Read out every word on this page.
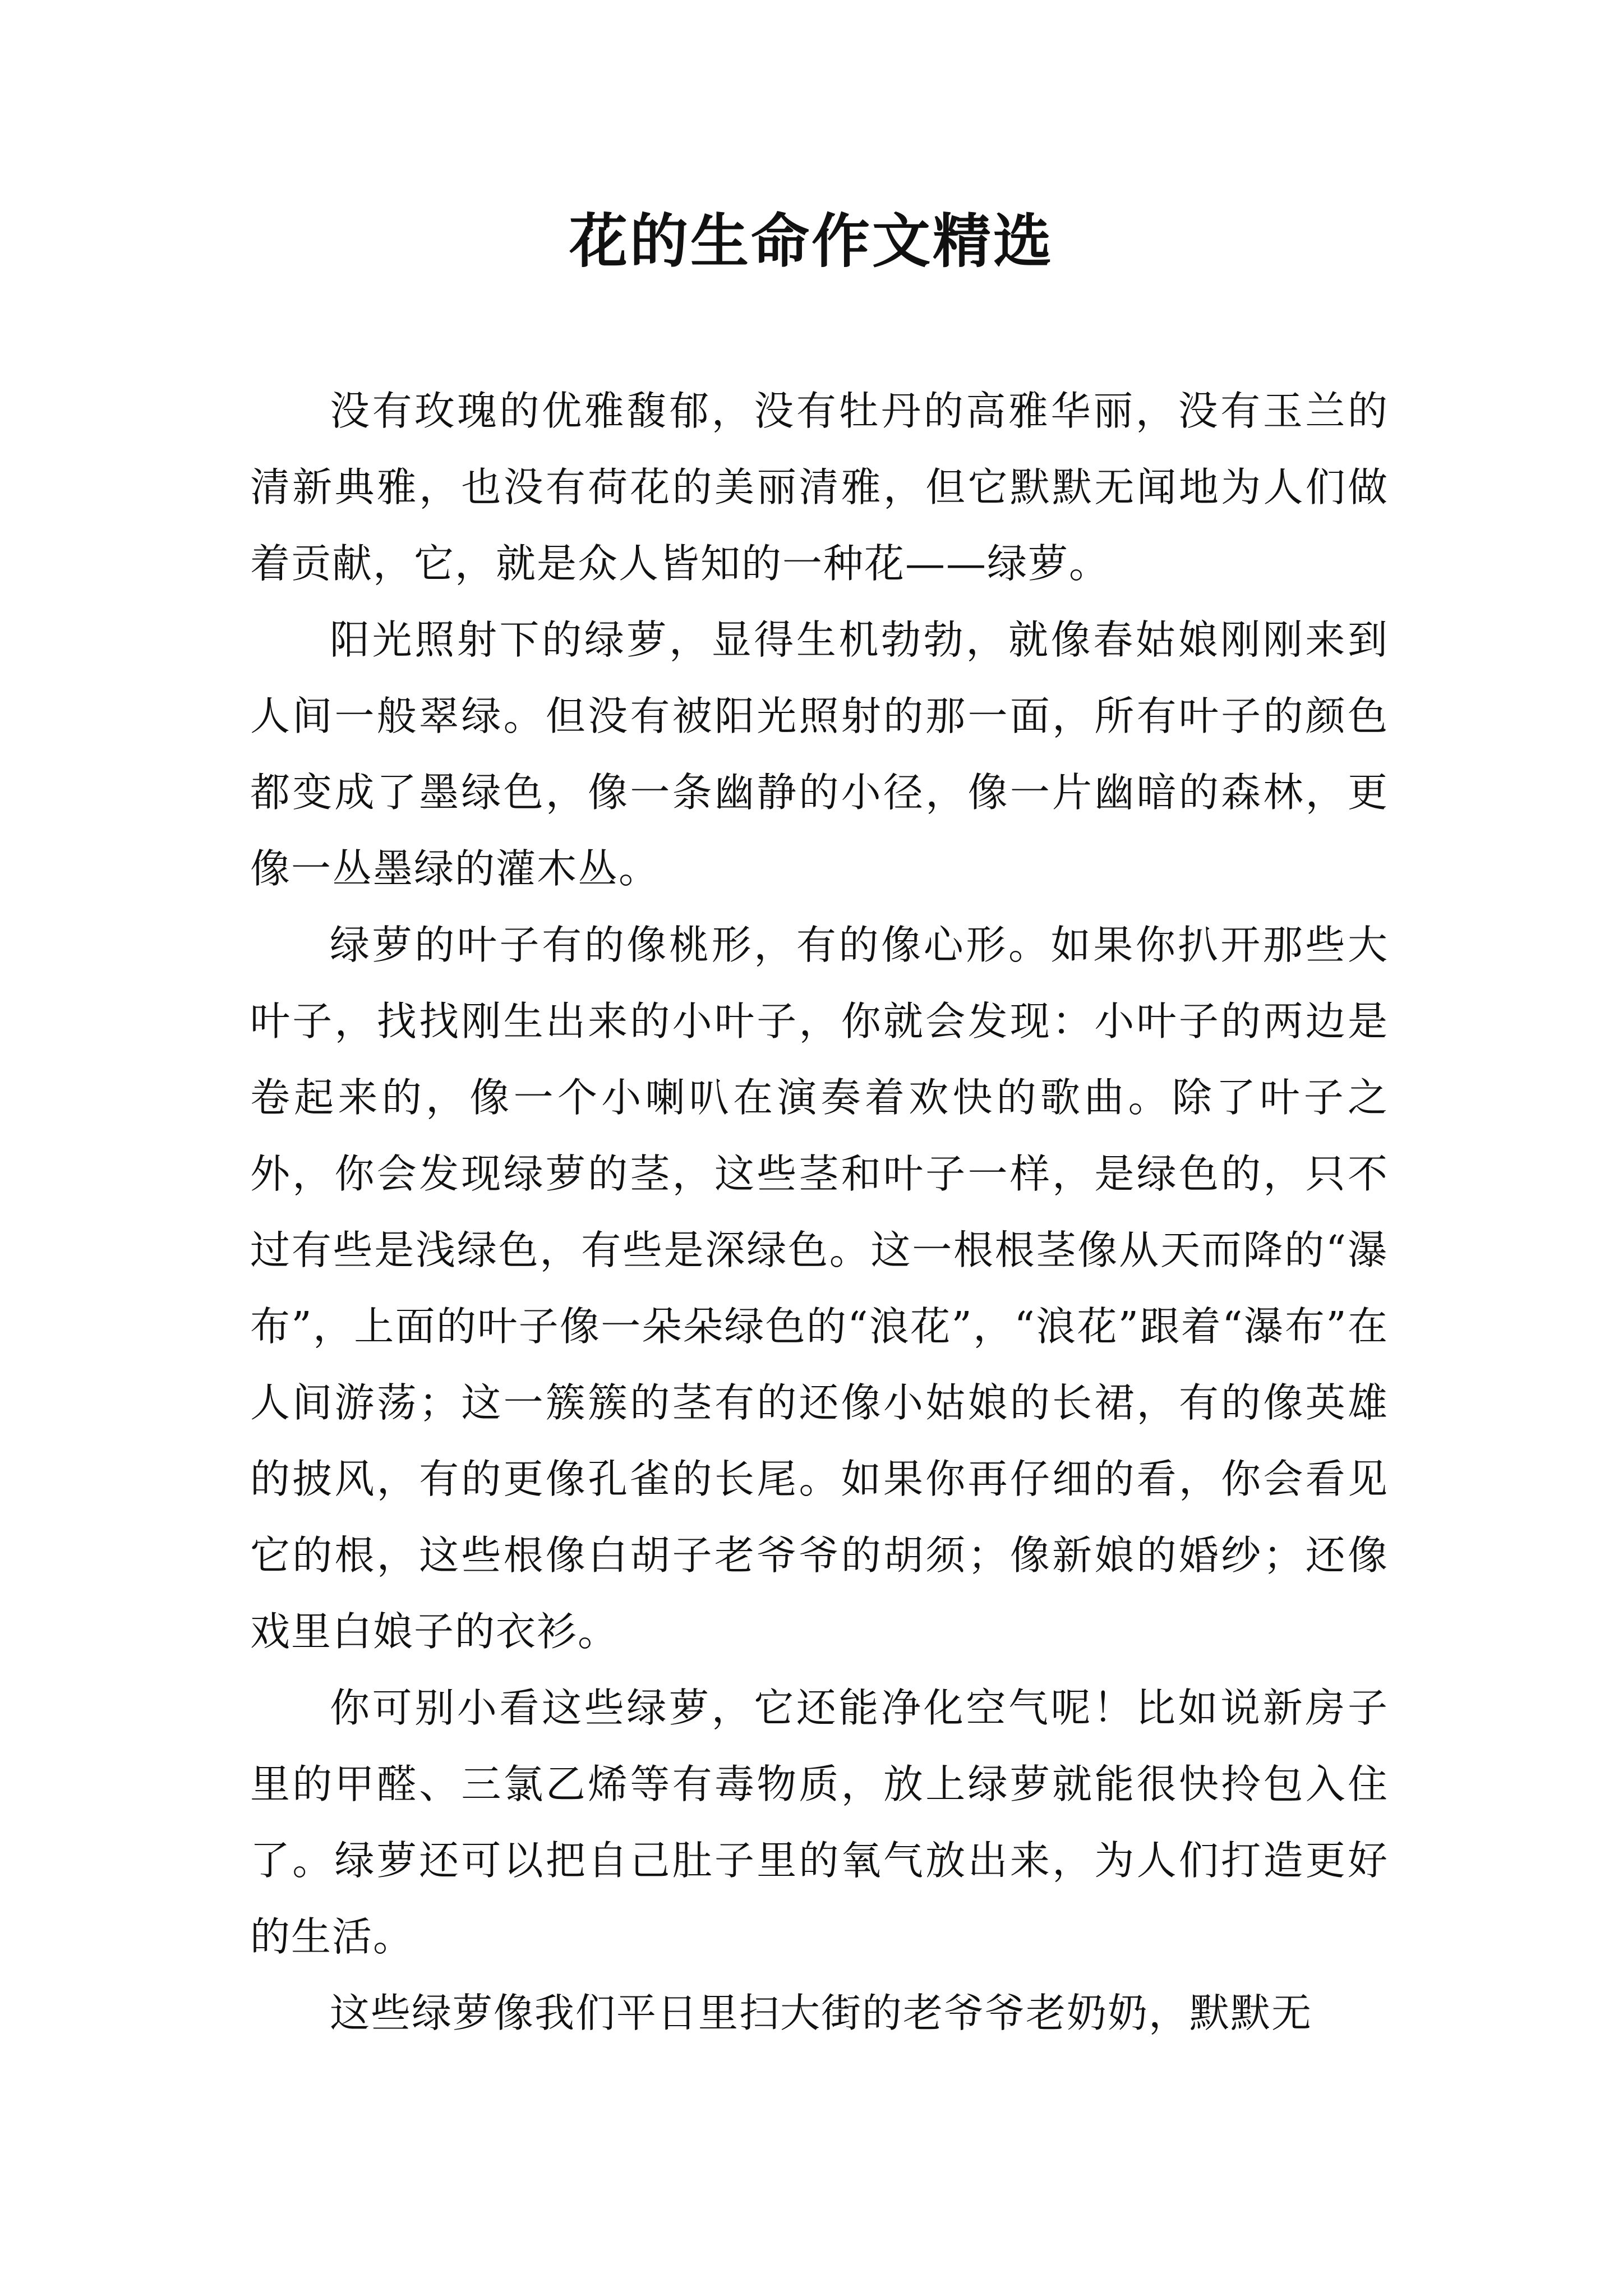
花的生命作文精选

没有玫瑰的优雅馥郁，没有牡丹的高雅华丽，没有玉兰的清新典雅，也没有荷花的美丽清雅，但它默默无闻地为人们做着贡献，它，就是众人皆知的一种花——绿萝。

阳光照射下的绿萝，显得生机勃勃，就像春姑娘刚刚来到人间一般翠绿。但没有被阳光照射的那一面，所有叶子的颜色都变成了墨绿色，像一条幽静的小径，像一片幽暗的森林，更像一丛墨绿的灌木丛。

绿萝的叶子有的像桃形，有的像心形。如果你扒开那些大叶子，找找刚生出来的小叶子，你就会发现：小叶子的两边是卷起来的，像一个小喇叭在演奏着欢快的歌曲。除了叶子之外，你会发现绿萝的茎，这些茎和叶子一样，是绿色的，只不过有些是浅绿色，有些是深绿色。这一根根茎像从天而降的“瀑布”，上面的叶子像一朵朵绿色的“浪花”，“浪花”跟着“瀑布”在人间游荡；这一簇簇的茎有的还像小姑娘的长裙，有的像英雄的披风，有的更像孔雀的长尾。如果你再仔细的看，你会看见它的根，这些根像白胡子老爷爷的胡须；像新娘的婚纱；还像戏里白娘子的衣衫。

你可别小看这些绿萝，它还能净化空气呢！比如说新房子里的甲醛、三氯乙烯等有毒物质，放上绿萝就能很快拎包入住了。绿萝还可以把自己肚子里的氧气放出来，为人们打造更好的生活。

这些绿萝像我们平日里扫大街的老爷爷老奶奶，默默无
